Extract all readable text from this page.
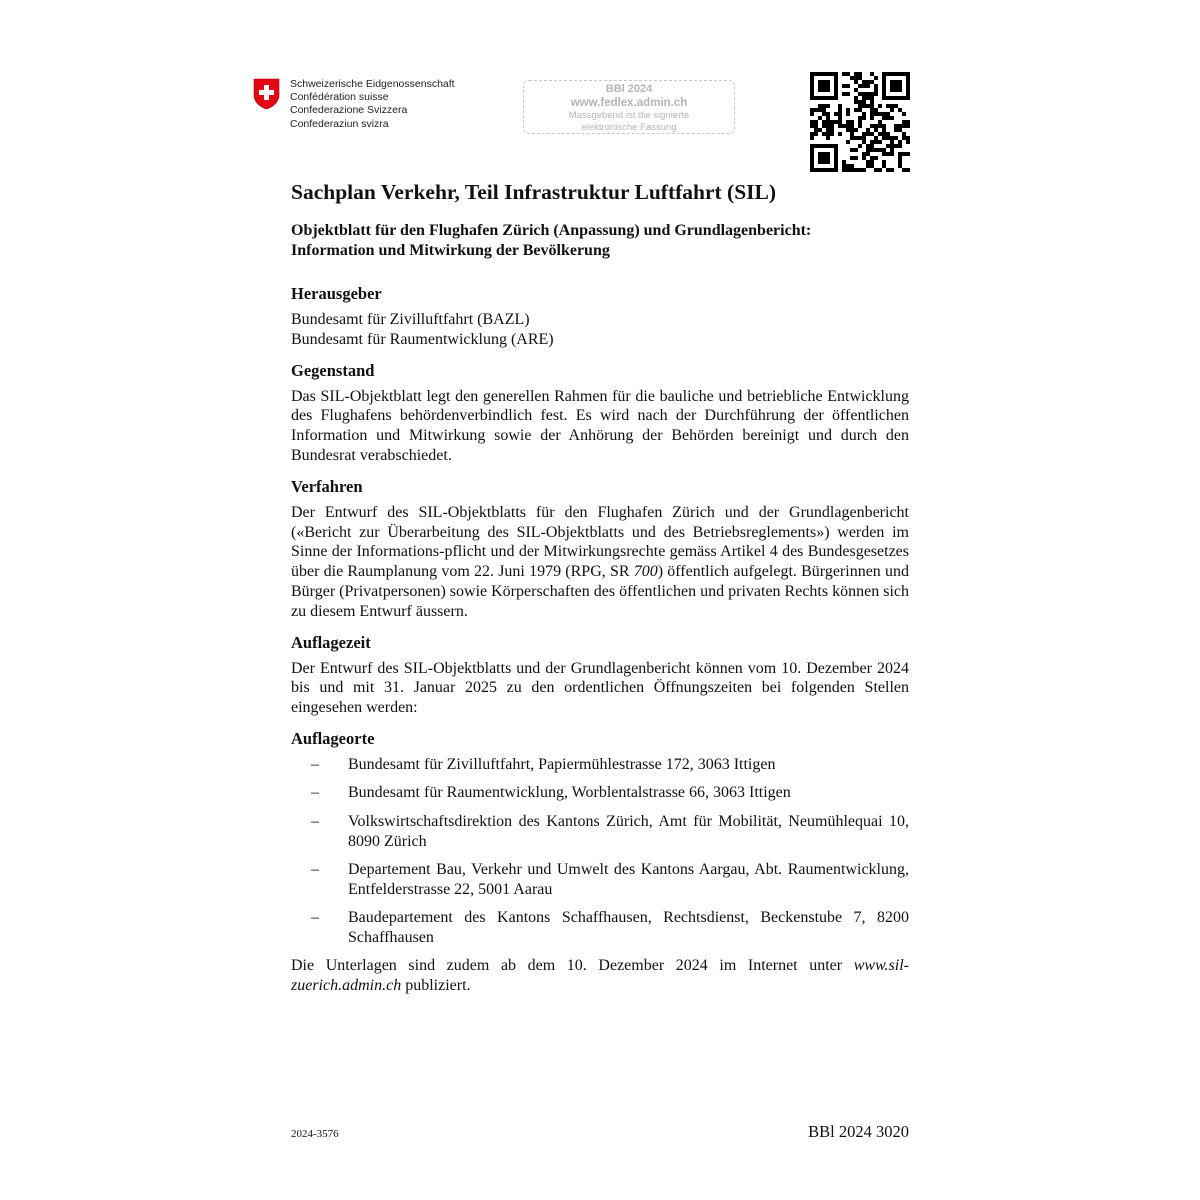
Schweizerische Eidgenossenschaft
Confédération suisse
Confederazione Svizzera
Confederaziun svizra
BBl 2024
www.fedlex.admin.ch
Massgebend ist die signierte
elektronische Fassung
Sachplan Verkehr, Teil Infrastruktur Luftfahrt (SIL)
Objektblatt für den Flughafen Zürich (Anpassung) und Grundlagenbericht:
Information und Mitwirkung der Bevölkerung
Herausgeber

Bundesamt für Zivilluftfahrt (BAZL)
Bundesamt für Raumentwicklung (ARE)

Gegenstand

Das SIL-Objektblatt legt den generellen Rahmen für die bauliche und betriebliche Entwicklung des Flughafens behördenverbindlich fest. Es wird nach der Durchführung der öffentlichen Information und Mitwirkung sowie der Anhörung der Behörden bereinigt und durch den Bundesrat verabschiedet.

Verfahren

Der Entwurf des SIL-Objektblatts für den Flughafen Zürich und der Grundlagenbericht («Bericht zur Überarbeitung des SIL-Objektblatts und des Betriebsreglements») werden im Sinne der Informations-pflicht und der Mitwirkungsrechte gemäss Artikel 4 des Bundesgesetzes über die Raumplanung vom 22. Juni 1979 (RPG, SR 700) öffentlich aufgelegt. Bürgerinnen und Bürger (Privatpersonen) sowie Körperschaften des öffentlichen und privaten Rechts können sich zu diesem Entwurf äussern.

Auflagezeit

Der Entwurf des SIL-Objektblatts und der Grundlagenbericht können vom 10. Dezember 2024 bis und mit 31. Januar 2025 zu den ordentlichen Öffnungszeiten bei folgenden Stellen eingesehen werden:

Auflageorte
–	Bundesamt für Zivilluftfahrt, Papiermühlestrasse 172, 3063 Ittigen
–	Bundesamt für Raumentwicklung, Worblentalstrasse 66, 3063 Ittigen
–	Volkswirtschaftsdirektion des Kantons Zürich, Amt für Mobilität, Neumühlequai 10, 8090 Zürich
–	Departement Bau, Verkehr und Umwelt des Kantons Aargau, Abt. Raumentwicklung, Entfelderstrasse 22, 5001 Aarau
–	Baudepartement des Kantons Schaffhausen, Rechtsdienst, Beckenstube 7, 8200 Schaffhausen

Die Unterlagen sind zudem ab dem 10. Dezember 2024 im Internet unter www.sil-zuerich.admin.ch publiziert.

2024-3576	BBl 2024 3020
